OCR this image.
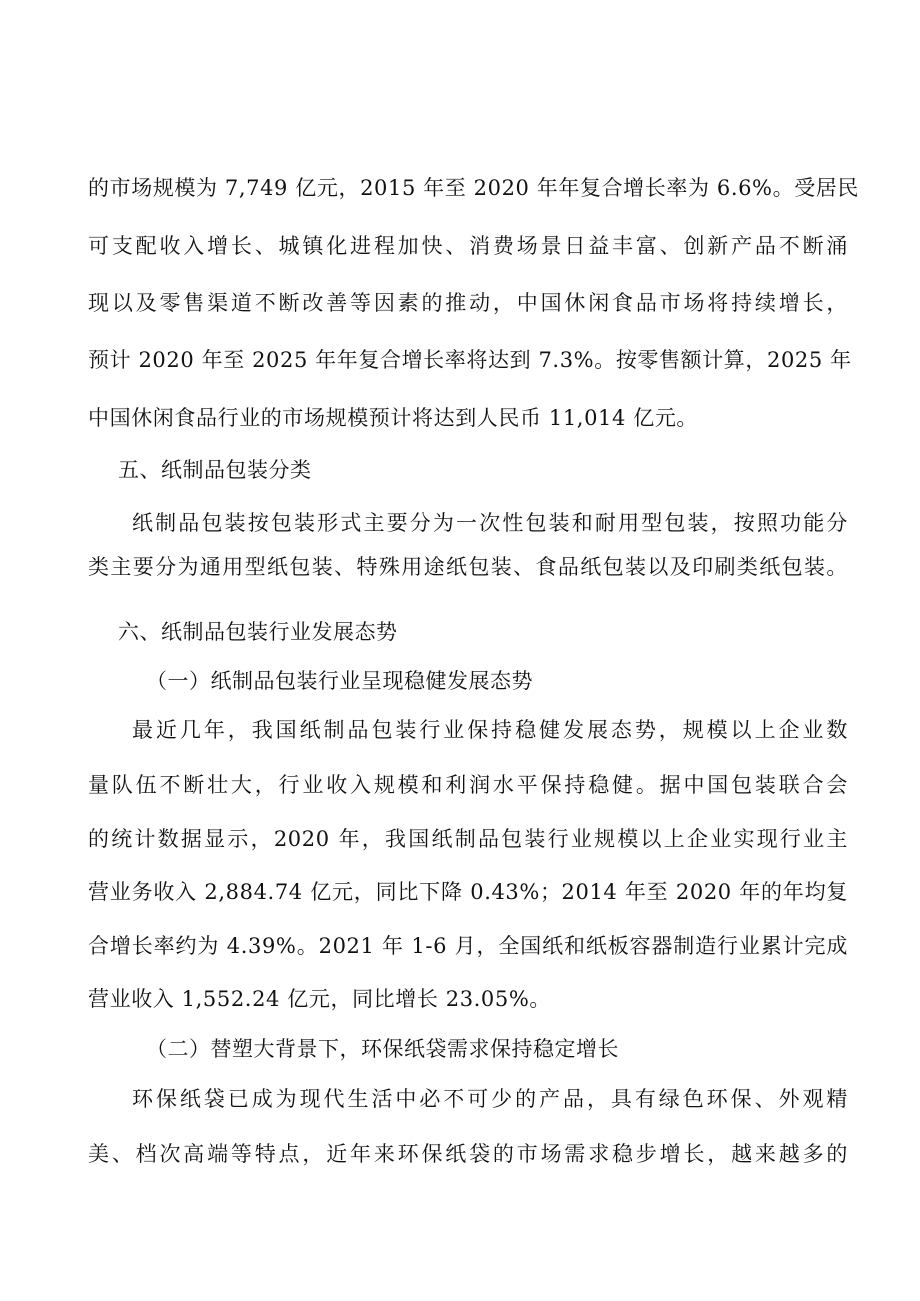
的市场规模为 7,749 亿元，2015 年至 2020 年年复合增长率为 6.6%。受居民
可支配收入增长、城镇化进程加快、消费场景日益丰富、创新产品不断涌
现以及零售渠道不断改善等因素的推动，中国休闲食品市场将持续增长，
预计 2020 年至 2025 年年复合增长率将达到 7.3%。按零售额计算，2025 年
中国休闲食品行业的市场规模预计将达到人民币 11,014 亿元。
五、纸制品包装分类
纸制品包装按包装形式主要分为一次性包装和耐用型包装，按照功能分
类主要分为通用型纸包装、特殊用途纸包装、食品纸包装以及印刷类纸包装。
六、纸制品包装行业发展态势
（一）纸制品包装行业呈现稳健发展态势
最近几年，我国纸制品包装行业保持稳健发展态势，规模以上企业数
量队伍不断壮大，行业收入规模和利润水平保持稳健。据中国包装联合会
的统计数据显示，2020 年，我国纸制品包装行业规模以上企业实现行业主
营业务收入 2,884.74 亿元，同比下降 0.43%；2014 年至 2020 年的年均复
合增长率约为 4.39%。2021 年 1-6 月，全国纸和纸板容器制造行业累计完成
营业收入 1,552.24 亿元，同比增长 23.05%。
（二）替塑大背景下，环保纸袋需求保持稳定增长
环保纸袋已成为现代生活中必不可少的产品，具有绿色环保、外观精
美、档次高端等特点，近年来环保纸袋的市场需求稳步增长，越来越多的
